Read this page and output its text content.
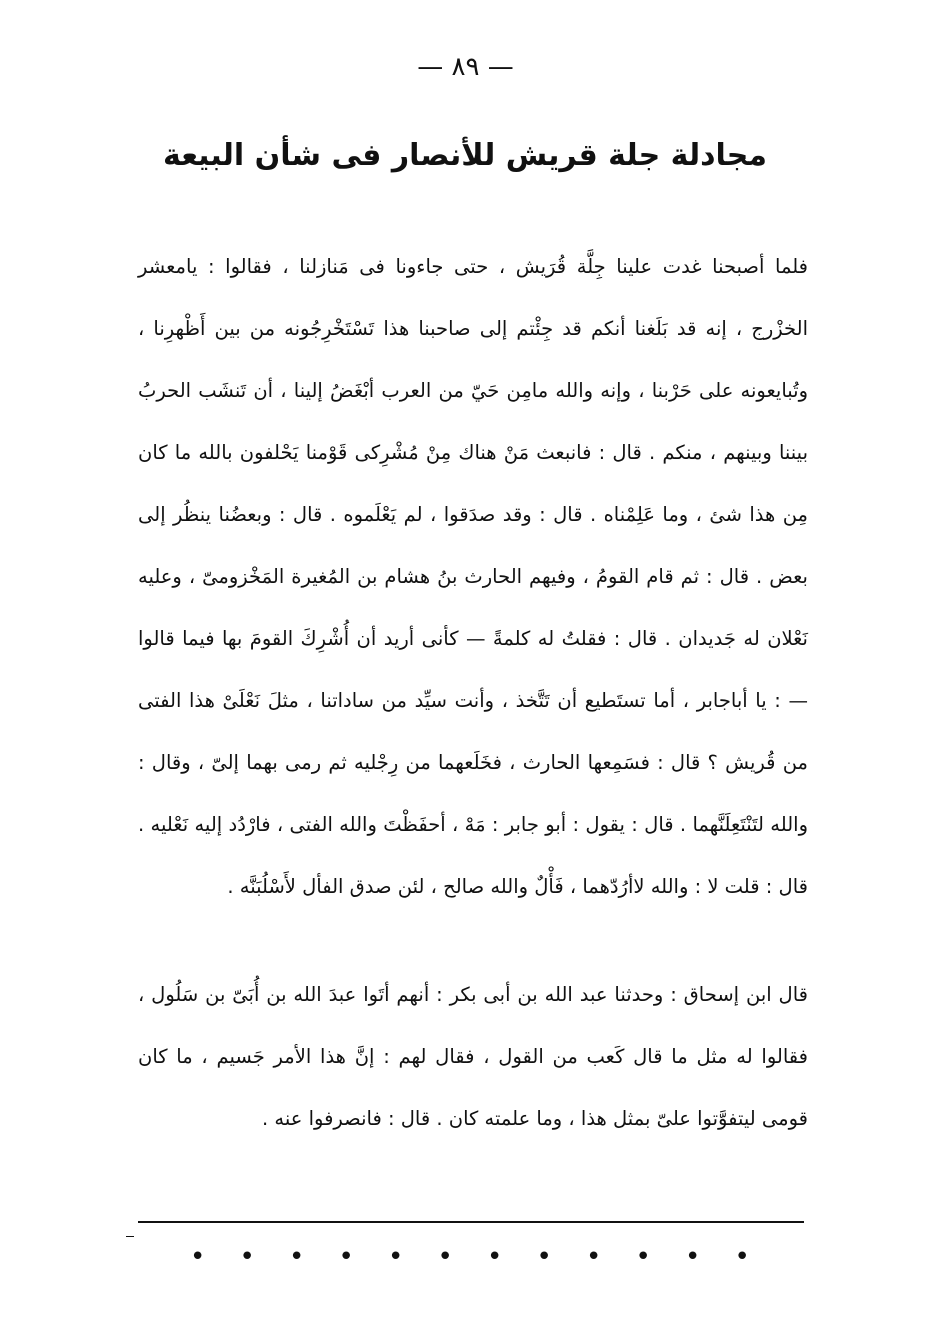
— ٨٩ —
مجادلة جلة قريش للأنصار فى شأن البيعة
فلما أصبحنا غدت علينا جِلَّة قُرَيش ، حتى جاءونا فى مَنازلنا ، فقالوا : يامعشر الخزْرج ، إنه قد بَلَغنا أنكم قد جِئْتم إلى صاحبنا هذا تَسْتَخْرِجُونه من بين أَظْهرِنا ، وتُبايعونه على حَرْبنا ، وإنه والله مامِن حَيّ من العرب أبْغَضُ إلينا ، أن تَنشَب الحربُ بيننا وبينهم ، منكم . قال : فانبعث مَنْ هناك مِنْ مُشْرِكى قَوْمنا يَحْلفون بالله ما كان مِن هذا شئ ، وما عَلِمْناه . قال : وقد صدَقوا ، لم يَعْلَموه . قال : وبعضُنا ينظُر إلى بعض . قال : ثم قام القومُ ، وفيهم الحارث بنُ هشام بن المُغيرة المَخْزومىّ ، وعليه نَعْلان له جَديدان . قال : فقلتُ له كلمةً — كأنى أريد أن أُشْرِكَ القومَ بها فيما قالوا — : يا أباجابر ، أما تستَطيع أن تَتَّخذ ، وأنت سيِّد من ساداتنا ، مثلَ نَعْلَىْ هذا الفتى من قُريش ؟ قال : فسَمِعها الحارث ، فخَلَعهما من رِجْليه ثم رمى بهما إلىّ ، وقال : والله لتَنْتَعِلَنَّهما . قال : يقول : أبو جابر : مَهْ ، أحفَظْتَ والله الفتى ، فارْدُد إليه نَعْليه . قال : قلت لا : والله لاأرُدّهما ، فَأْلٌ والله صالح ، لئن صدق الفأل لأَسْلُبَنَّه .
قال ابن إسحاق : وحدثنا عبد الله بن أبى بكر : أنهم أتَوا عبدَ الله بن أُبَىّ بن سَلُول ، فقالوا له مثل ما قال كَعب من القول ، فقال لهم : إنَّ هذا الأمر جَسيم ، ما كان قومى ليتفوَّتوا علىّ بمثل هذا ، وما علمته كان . قال : فانصرفوا عنه .
• • • • • • • • • • • •
